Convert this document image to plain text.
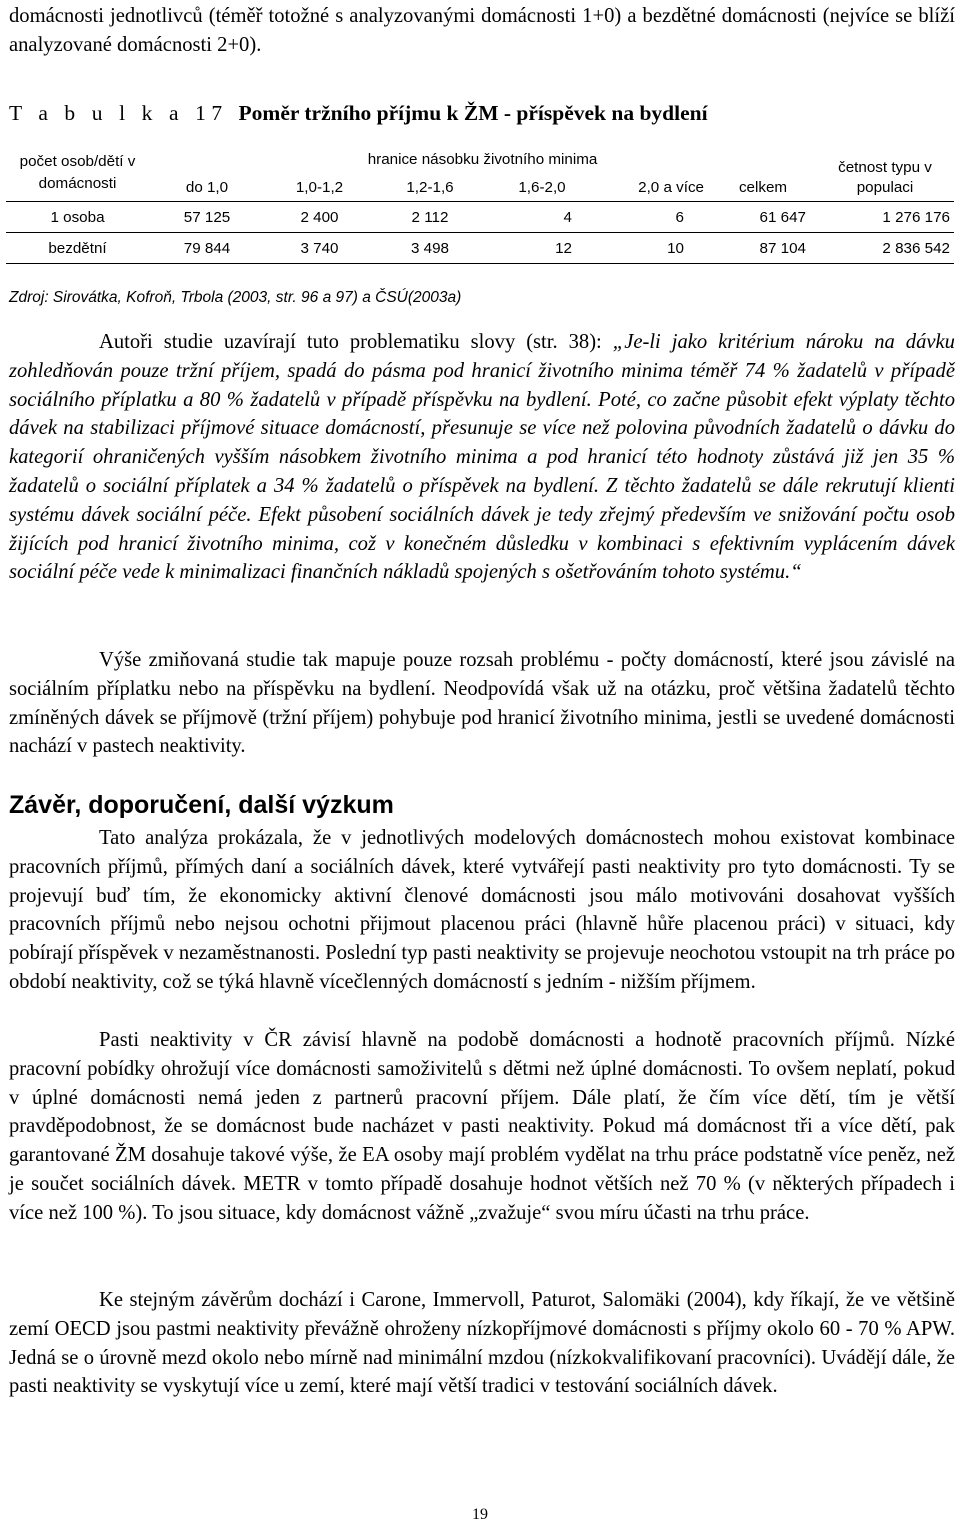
domácnosti jednotlivců (téměř totožné s analyzovanými domácnosti 1+0) a bezdětné domácnosti (nejvíce se blíží analyzované domácnosti 2+0).

T a b u l k a 17 Poměr tržního příjmu k ŽM - příspěvek na bydlení

počet osob/dětí v domácnosti	hranice násobku životního minima						četnost typu v populaci
	do 1,0	1,0-1,2	1,2-1,6	1,6-2,0	2,0 a více	celkem	
1 osoba	57 125	2 400	2 112	4	6	61 647	1 276 176
bezdětní	79 844	3 740	3 498	12	10	87 104	2 836 542

Zdroj: Sirovátka, Kofroň, Trbola (2003, str. 96 a 97) a ČSÚ(2003a)

Autoři studie uzavírají tuto problematiku slovy (str. 38): „Je-li jako kritérium nároku na dávku zohledňován pouze tržní příjem, spadá do pásma pod hranicí životního minima téměř 74 % žadatelů v případě sociálního příplatku a 80 % žadatelů v případě příspěvku na bydlení. Poté, co začne působit efekt výplaty těchto dávek na stabilizaci příjmové situace domácností, přesunuje se více než polovina původních žadatelů o dávku do kategorií ohraničených vyšším násobkem životního minima a pod hranicí této hodnoty zůstává již jen 35 % žadatelů o sociální příplatek a 34 % žadatelů o příspěvek na bydlení. Z těchto žadatelů se dále rekrutují klienti systému dávek sociální péče. Efekt působení sociálních dávek je tedy zřejmý především ve snižování počtu osob žijících pod hranicí životního minima, což v konečném důsledku v kombinaci s efektivním vyplácením dávek sociální péče vede k minimalizaci finančních nákladů spojených s ošetřováním tohoto systému.“

Výše zmiňovaná studie tak mapuje pouze rozsah problému - počty domácností, které jsou závislé na sociálním příplatku nebo na příspěvku na bydlení. Neodpovídá však už na otázku, proč většina žadatelů těchto zmíněných dávek se příjmově (tržní příjem) pohybuje pod hranicí životního minima, jestli se uvedené domácnosti nachází v pastech neaktivity.

Závěr, doporučení, další výzkum

Tato analýza prokázala, že v jednotlivých modelových domácnostech mohou existovat kombinace pracovních příjmů, přímých daní a sociálních dávek, které vytvářejí pasti neaktivity pro tyto domácnosti. Ty se projevují buď tím, že ekonomicky aktivní členové domácnosti jsou málo motivováni dosahovat vyšších pracovních příjmů nebo nejsou ochotni přijmout placenou práci (hlavně hůře placenou práci) v situaci, kdy pobírají příspěvek v nezaměstnanosti. Poslední typ pasti neaktivity se projevuje neochotou vstoupit na trh práce po období neaktivity, což se týká hlavně vícečlenných domácností s jedním - nižším příjmem.

Pasti neaktivity v ČR závisí hlavně na podobě domácnosti a hodnotě pracovních příjmů. Nízké pracovní pobídky ohrožují více domácnosti samoživitelů s dětmi než úplné domácnosti. To ovšem neplatí, pokud v úplné domácnosti nemá jeden z partnerů pracovní příjem. Dále platí, že čím více dětí, tím je větší pravděpodobnost, že se domácnost bude nacházet v pasti neaktivity. Pokud má domácnost tři a více dětí, pak garantované ŽM dosahuje takové výše, že EA osoby mají problém vydělat na trhu práce podstatně více peněz, než je součet sociálních dávek. METR v tomto případě dosahuje hodnot větších než 70 % (v některých případech i více než 100 %). To jsou situace, kdy domácnost vážně „zvažuje“ svou míru účasti na trhu práce.

Ke stejným závěrům dochází i Carone, Immervoll, Paturot, Salomäki (2004), kdy říkají, že ve většině zemí OECD jsou pastmi neaktivity převážně ohroženy nízkopříjmové domácnosti s příjmy okolo 60 - 70 % APW. Jedná se o úrovně mezd okolo nebo mírně nad minimální mzdou (nízkokvalifikovaní pracovníci). Uvádějí dále, že pasti neaktivity se vyskytují více u zemí, které mají větší tradici v testování sociálních dávek.

19
